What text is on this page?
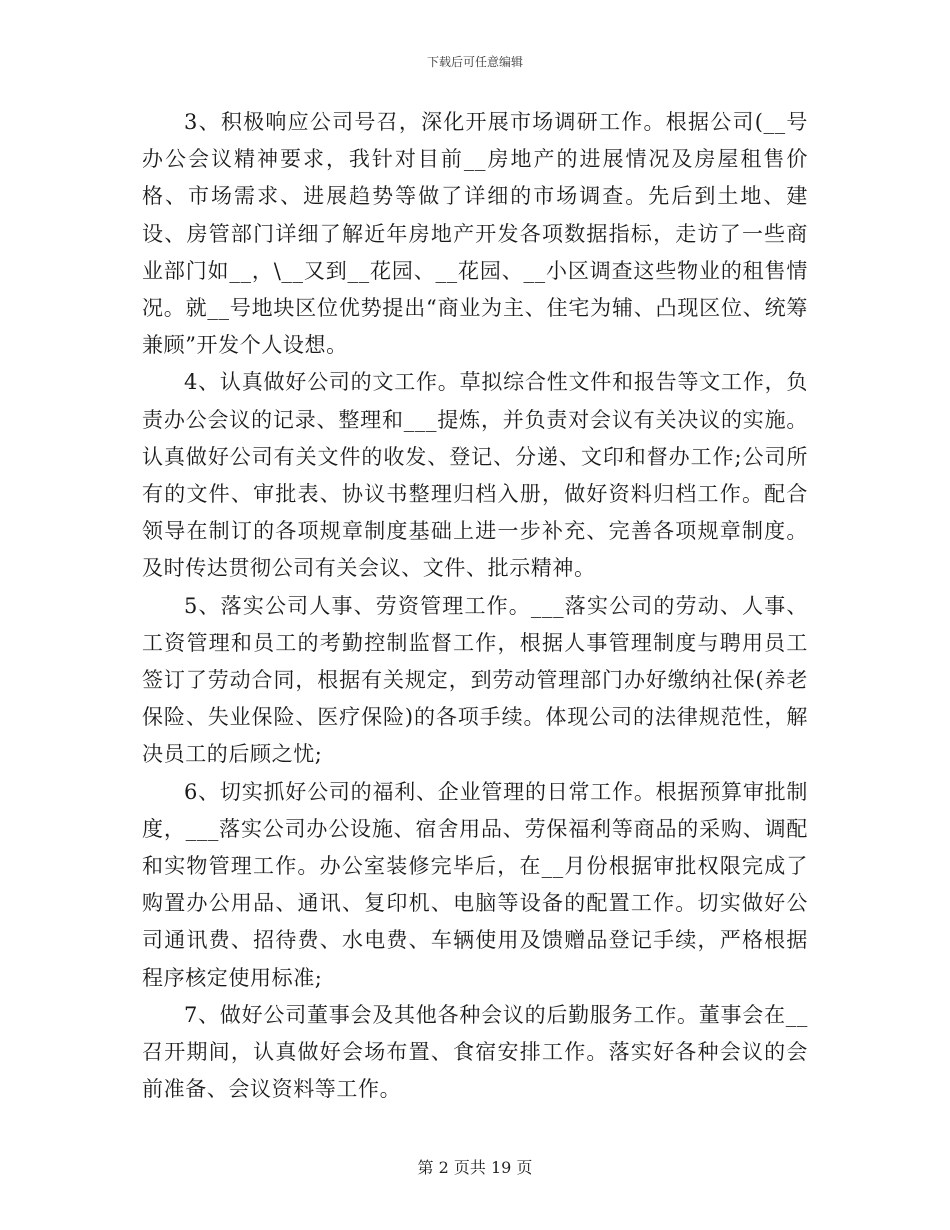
下载后可任意编辑

3、积极响应公司号召，深化开展市场调研工作。根据公司(__号办公会议精神要求，我针对目前__房地产的进展情况及房屋租售价格、市场需求、进展趋势等做了详细的市场调查。先后到土地、建设、房管部门详细了解近年房地产开发各项数据指标，走访了一些商业部门如__，\__又到__花园、__花园、__小区调查这些物业的租售情况。就__号地块区位优势提出“商业为主、住宅为辅、凸现区位、统筹兼顾”开发个人设想。

4、认真做好公司的文工作。草拟综合性文件和报告等文工作，负责办公会议的记录、整理和___提炼，并负责对会议有关决议的实施。认真做好公司有关文件的收发、登记、分递、文印和督办工作;公司所有的文件、审批表、协议书整理归档入册，做好资料归档工作。配合领导在制订的各项规章制度基础上进一步补充、完善各项规章制度。及时传达贯彻公司有关会议、文件、批示精神。

5、落实公司人事、劳资管理工作。___落实公司的劳动、人事、工资管理和员工的考勤控制监督工作，根据人事管理制度与聘用员工签订了劳动合同，根据有关规定，到劳动管理部门办好缴纳社保(养老保险、失业保险、医疗保险)的各项手续。体现公司的法律规范性，解决员工的后顾之忧;

6、切实抓好公司的福利、企业管理的日常工作。根据预算审批制度，___落实公司办公设施、宿舍用品、劳保福利等商品的采购、调配和实物管理工作。办公室装修完毕后，在__月份根据审批权限完成了购置办公用品、通讯、复印机、电脑等设备的配置工作。切实做好公司通讯费、招待费、水电费、车辆使用及馈赠品登记手续，严格根据程序核定使用标准;

7、做好公司董事会及其他各种会议的后勤服务工作。董事会在__召开期间，认真做好会场布置、食宿安排工作。落实好各种会议的会前准备、会议资料等工作。

第 2 页共 19 页
